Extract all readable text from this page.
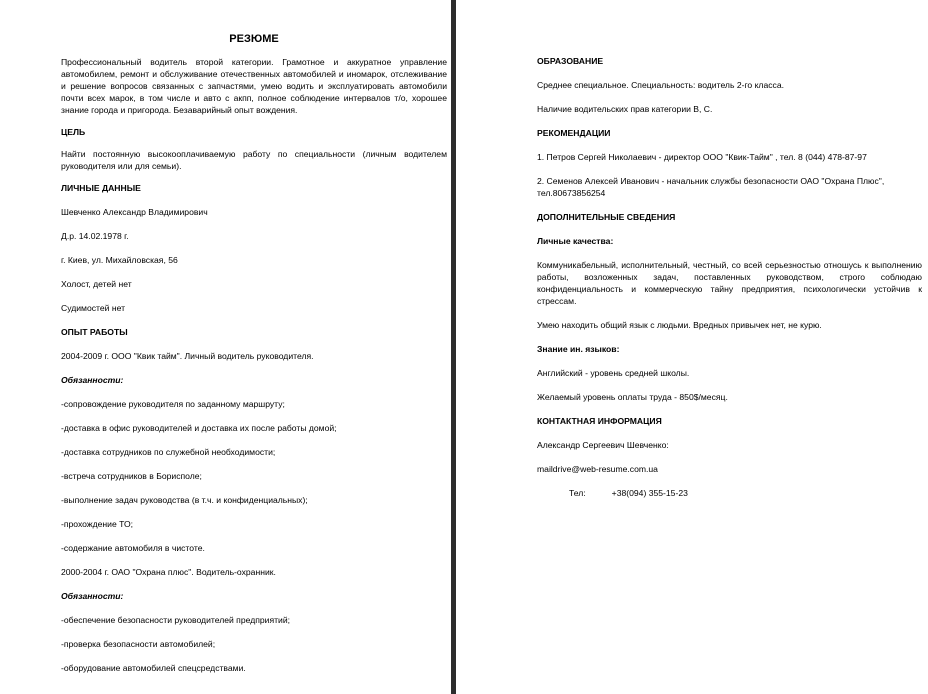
РЕЗЮМЕ

Профессиональный водитель второй категории. Грамотное и аккуратное управление автомобилем, ремонт и обслуживание отечественных автомобилей и иномарок, отслеживание и решение вопросов связанных с запчастями, умею водить и эксплуатировать автомобили почти всех марок, в том числе и авто с акпп, полное соблюдение интервалов т/о, хорошее знание города и пригорода. Безаварийный опыт вождения.

ЦЕЛЬ

Найти постоянную высокооплачиваемую работу по специальности (личным водителем руководителя или для семьи).

ЛИЧНЫЕ ДАННЫЕ

Шевченко Александр Владимирович

Д.р. 14.02.1978 г.

г. Киев, ул. Михайловская, 56

Холост, детей нет

Судимостей нет

ОПЫТ РАБОТЫ

2004-2009 г. ООО "Квик тайм". Личный водитель руководителя.

Обязанности:

-сопровождение руководителя по заданному маршруту;

-доставка в офис руководителей и доставка их после работы домой;

-доставка сотрудников по служебной необходимости;

-встреча сотрудников в Борисполе;

-выполнение задач руководства (в т.ч. и конфиденциальных);

-прохождение ТО;

-содержание автомобиля в чистоте.

2000-2004 г. ОАО "Охрана плюс". Водитель-охранник.

Обязанности:

-обеспечение безопасности руководителей предприятий;

-проверка безопасности автомобилей;

-оборудование автомобилей спецсредствами.

ОБРАЗОВАНИЕ

Среднее специальное. Специальность: водитель 2-го класса.

Наличие водительских прав категории В, С.

РЕКОМЕНДАЦИИ

1. Петров Сергей Николаевич - директор ООО "Квик-Тайм" , тел. 8 (044) 478-87-97

2. Семенов Алексей Иванович - начальник службы безопасности ОАО "Охрана Плюс",

тел.80673856254

ДОПОЛНИТЕЛЬНЫЕ СВЕДЕНИЯ

Личные качества:

Коммуникабельный, исполнительный, честный, со всей серьезностью отношусь к выполнению работы, возложенных задач, поставленных руководством, строго соблюдаю конфиденциальность и коммерческую тайну предприятия, психологически устойчив к стрессам.

Умею находить общий язык с людьми. Вредных привычек нет, не курю.

Знание ин. языков:

Английский - уровень средней школы.

Желаемый уровень оплаты труда - 850$/месяц.

КОНТАКТНАЯ ИНФОРМАЦИЯ

Александр Сергеевич Шевченко:

maildrive@web-resume.com.ua

Тел:	+38(094) 355-15-23
